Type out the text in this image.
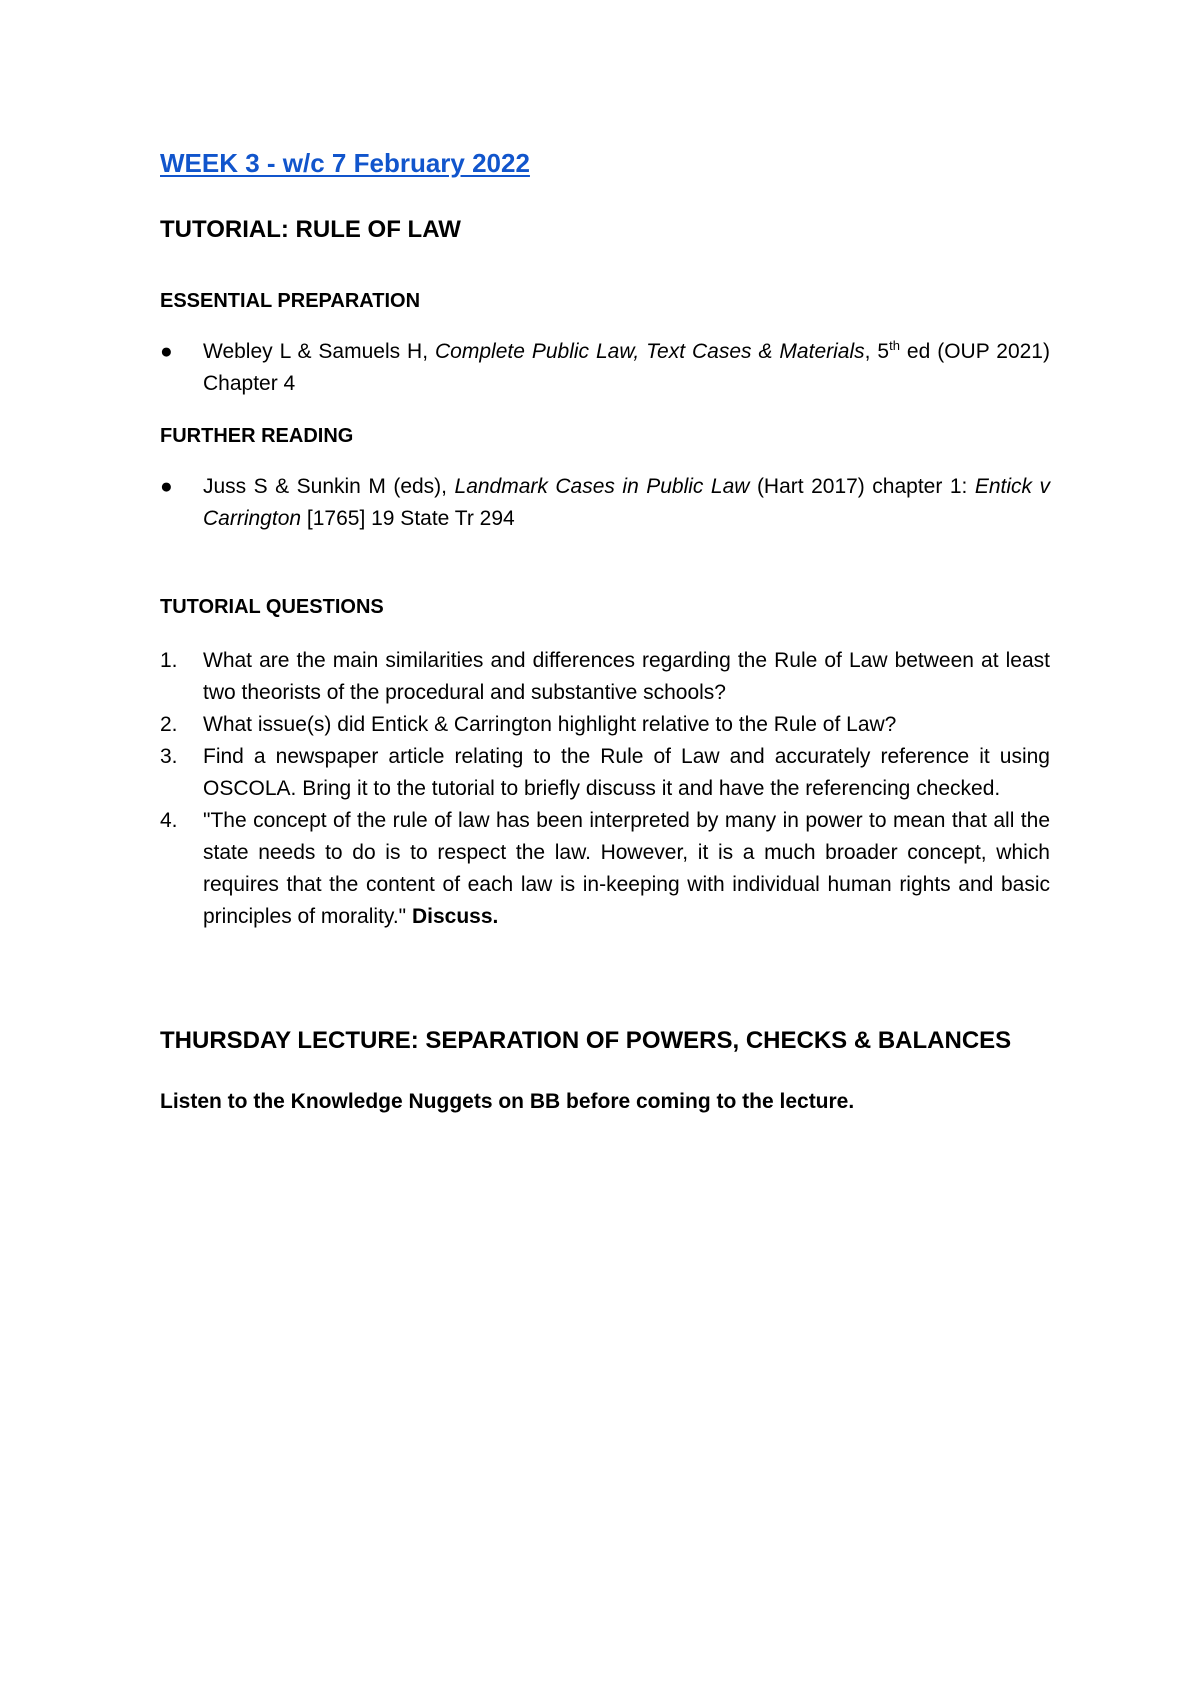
WEEK 3 - w/c 7 February 2022
TUTORIAL: RULE OF LAW
ESSENTIAL PREPARATION
●	Webley L & Samuels H, Complete Public Law, Text Cases & Materials, 5th ed (OUP 2021) Chapter 4
FURTHER READING
●	Juss S & Sunkin M (eds), Landmark Cases in Public Law (Hart 2017) chapter 1: Entick v Carrington [1765] 19 State Tr 294
TUTORIAL QUESTIONS
1.	What are the main similarities and differences regarding the Rule of Law between at least two theorists of the procedural and substantive schools?
2.	What issue(s) did Entick & Carrington highlight relative to the Rule of Law?
3.	Find a newspaper article relating to the Rule of Law and accurately reference it using OSCOLA. Bring it to the tutorial to briefly discuss it and have the referencing checked.
4.	"The concept of the rule of law has been interpreted by many in power to mean that all the state needs to do is to respect the law. However, it is a much broader concept, which requires that the content of each law is in-keeping with individual human rights and basic principles of morality." Discuss.
THURSDAY LECTURE: SEPARATION OF POWERS, CHECKS & BALANCES

Listen to the Knowledge Nuggets on BB before coming to the lecture.
